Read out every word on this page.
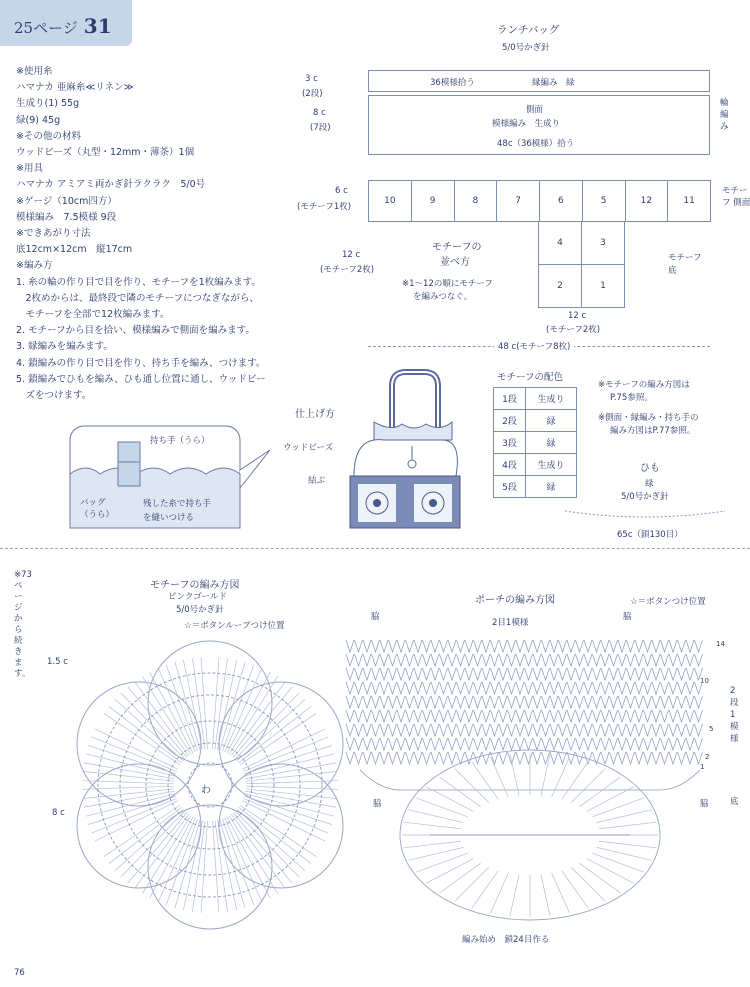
25ページ 31
※使用糸
ハマナカ 亜麻糸≪リネン≫
生成り(1) 55g
緑(9) 45g
※その他の材料
ウッドビーズ（丸型・12mm・薄茶）1個
※用具
ハマナカ アミアミ両かぎ針ラクラク　5/0号
※ゲージ（10cm四方）
模様編み　7.5模様 9段
※できあがり寸法
底12cm×12cm　縦17cm
※編み方
1. 糸の輪の作り目で目を作り、モチーフを1枚編みます。
　2枚めからは、最終段で隣のモチーフにつなぎながら、
　モチーフを全部で12枚編みます。
2. モチーフから目を拾い、模様編みで側面を編みます。
3. 縁編みを編みます。
4. 鎖編みの作り目で目を作り、持ち手を編み、つけます。
5. 鎖編みでひもを編み、ひも通し位置に通し、ウッドビー
　ズをつけます。
ランチバッグ
5/0号かぎ針
3 c
(2段)
8 c
(7段)
36模様拾う	縁編み　緑
側面
模様編み　生成り
48c（36模様）拾う
輪編み
6 c
(モチーフ1枚)
10	9	8	7	6	5	12	11
モチーフ 側面
4	3
2	1
モチーフ 底
12 c
(モチーフ2枚)
モチーフの
並べ方
※1〜12の順にモチーフ
を編みつなぐ。
12 c
(モチーフ2枚)
48 c(モチーフ8枚)
モチーフの配色
1段	生成り
2段	緑
3段	緑
4段	生成り
5段	緑
※モチーフの編み方図は
P.75参照。
※側面・縁編み・持ち手の
編み方図はP.77参照。
ひも
緑
5/0号かぎ針
65c（鎖130目）
仕上げ方
ウッドビーズ
結ぶ
持ち手（うら）
バッグ（うら）
残した糸で持ち手
を縫いつける
※73ページから続きます。
モチーフの編み方図
ピンクゴールド
5/0号かぎ針
☆＝ボタンループつけ位置
1.5 c
8 c
わ
ポーチの編み方図	☆＝ボタンつけ位置
脇	脇
2目1模様
14
10
5
2
1
2段1模様
底
脇	脇
編み始め　鎖24目作る
76
